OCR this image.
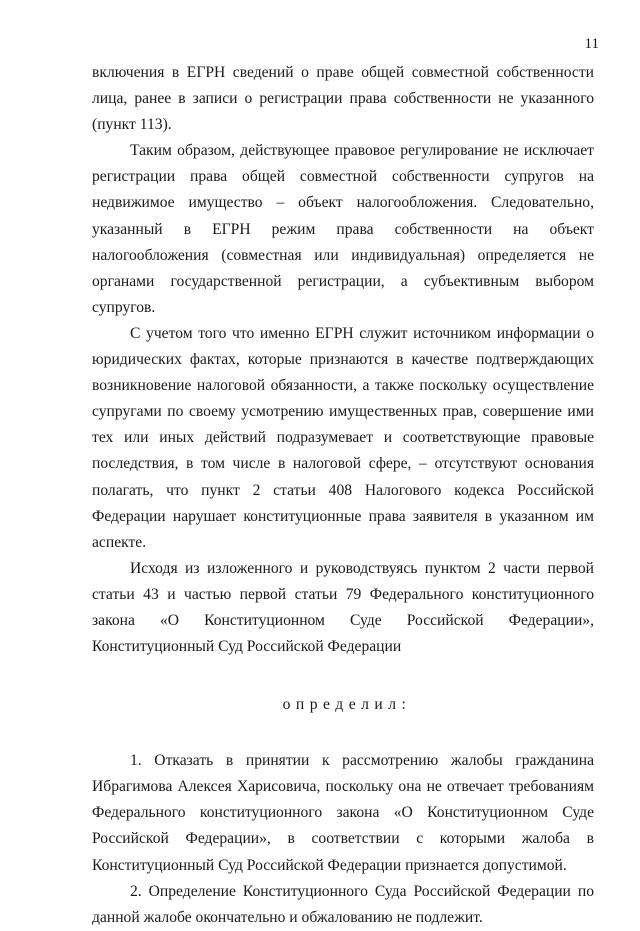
11

включения в ЕГРН сведений о праве общей совместной собственности лица, ранее в записи о регистрации права собственности не указанного (пункт 113).

Таким образом, действующее правовое регулирование не исключает регистрации права общей совместной собственности супругов на недвижимое имущество – объект налогообложения. Следовательно, указанный в ЕГРН режим права собственности на объект налогообложения (совместная или индивидуальная) определяется не органами государственной регистрации, а субъективным выбором супругов.

С учетом того что именно ЕГРН служит источником информации о юридических фактах, которые признаются в качестве подтверждающих возникновение налоговой обязанности, а также поскольку осуществление супругами по своему усмотрению имущественных прав, совершение ими тех или иных действий подразумевает и соответствующие правовые последствия, в том числе в налоговой сфере, – отсутствуют основания полагать, что пункт 2 статьи 408 Налогового кодекса Российской Федерации нарушает конституционные права заявителя в указанном им аспекте.

Исходя из изложенного и руководствуясь пунктом 2 части первой статьи 43 и частью первой статьи 79 Федерального конституционного закона «О Конституционном Суде Российской Федерации», Конституционный Суд Российской Федерации

определил:

1. Отказать в принятии к рассмотрению жалобы гражданина Ибрагимова Алексея Харисовича, поскольку она не отвечает требованиям Федерального конституционного закона «О Конституционном Суде Российской Федерации», в соответствии с которыми жалоба в Конституционный Суд Российской Федерации признается допустимой.

2. Определение Конституционного Суда Российской Федерации по данной жалобе окончательно и обжалованию не подлежит.
